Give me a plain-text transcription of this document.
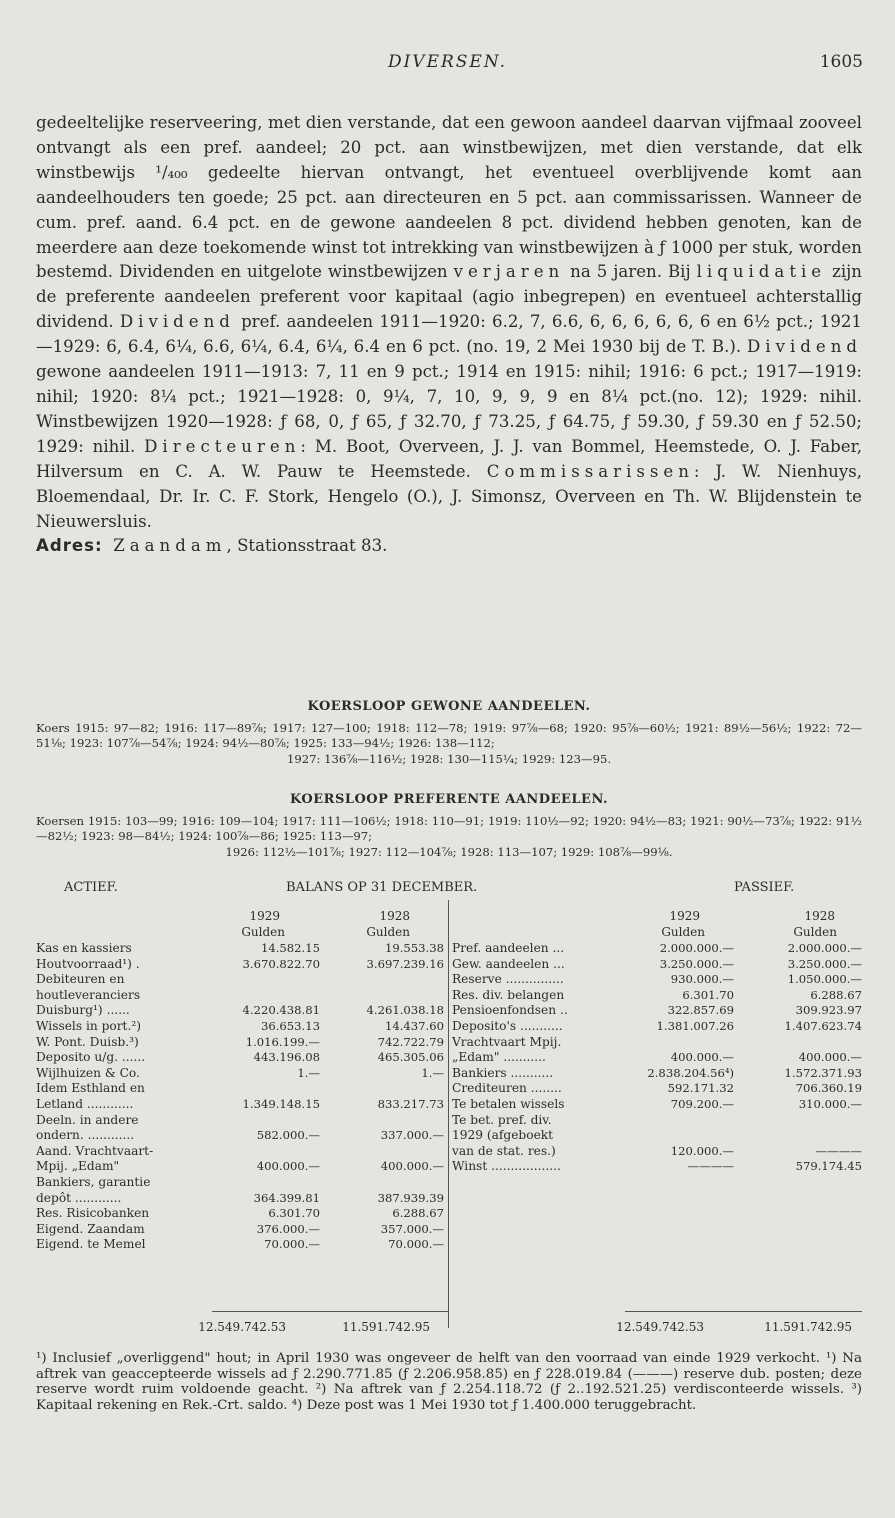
DIVERSEN.	1605
gedeeltelijke reserveering, met dien verstande, dat een gewoon aandeel daarvan vijfmaal zooveel ontvangt als een pref. aandeel; 20 pct. aan winstbewijzen, met dien verstande, dat elk winstbewijs ¹/₄₀₀ gedeelte hiervan ontvangt, het eventueel overblijvende komt aan aandeelhouders ten goede; 25 pct. aan directeuren en 5 pct. aan commissarissen. Wanneer de cum. pref. aand. 6.4 pct. en de gewone aandeelen 8 pct. dividend hebben genoten, kan de meerdere aan deze toekomende winst tot intrekking van winstbewijzen à ƒ 1000 per stuk, worden bestemd. Dividenden en uitgelote winstbewijzen verjaren na 5 jaren. Bij liquidatie zijn de preferente aandeelen preferent voor kapitaal (agio inbegrepen) en eventueel achterstallig dividend. Dividend pref. aandeelen 1911—1920: 6.2, 7, 6.6, 6, 6, 6, 6, 6, 6 en 6½ pct.; 1921—1929: 6, 6.4, 6¼, 6.6, 6¼, 6.4, 6¼, 6.4 en 6 pct. (no. 19, 2 Mei 1930 bij de T. B.). Dividend gewone aandeelen 1911—1913: 7, 11 en 9 pct.; 1914 en 1915: nihil; 1916: 6 pct.; 1917—1919: nihil; 1920: 8¼ pct.; 1921—1928: 0, 9¼, 7, 10, 9, 9, 9 en 8¼ pct.(no. 12); 1929: nihil. Winstbewijzen 1920—1928: ƒ 68, 0, ƒ 65, ƒ 32.70, ƒ 73.25, ƒ 64.75, ƒ 59.30, ƒ 59.30 en ƒ 52.50; 1929: nihil. Directeuren: M. Boot, Overveen, J. J. van Bommel, Heemstede, O. J. Faber, Hilversum en C. A. W. Pauw te Heemstede. Commissarissen: J. W. Nienhuys, Bloemendaal, Dr. Ir. C. F. Stork, Hengelo (O.), J. Simonsz, Overveen en Th. W. Blijdenstein te Nieuwersluis.
Adres: Zaandam, Stationsstraat 83.
KOERSLOOP GEWONE AANDEELEN.
Koers 1915: 97—82; 1916: 117—89⅞; 1917: 127—100; 1918: 112—78; 1919: 97⅞—68; 1920: 95⅞—60½; 1921: 89½—56½; 1922: 72—51⅛; 1923: 107⅞—54⅞; 1924: 94½—80⅞; 1925: 133—94½; 1926: 138—112;
1927: 136⅞—116½; 1928: 130—115¼; 1929: 123—95.
KOERSLOOP PREFERENTE AANDEELEN.
Koersen 1915: 103—99; 1916: 109—104; 1917: 111—106½; 1918: 110—91; 1919: 110½—92; 1920: 94½—83; 1921: 90½—73⅞; 1922: 91½—82½; 1923: 98—84½; 1924: 100⅞—86; 1925: 113—97;
1926: 112½—101⅞; 1927: 112—104⅞; 1928: 113—107; 1929: 108⅞—99⅛.
ACTIEF.	BALANS OP 31 DECEMBER.	PASSIEF.
1929	1928
Gulden	Gulden
1929	1928
Gulden	Gulden
Kas en kassiers	14.582.15	19.553.38
Houtvoorraad¹) .	3.670.822.70	3.697.239.16
Debiteuren en
houtleveranciers
Duisburg¹) ......	4.220.438.81	4.261.038.18
Wissels in port.²)	36.653.13	14.437.60
W. Pont. Duisb.³)	1.016.199.—	742.722.79
Deposito u/g. ......	443.196.08	465.305.06
Wijlhuizen & Co.	1.—	1.—
Idem Esthland en
Letland ............	1.349.148.15	833.217.73
Deeln. in andere
ondern. ............	582.000.—	337.000.—
Aand. Vrachtvaart-
Mpij. „Edam"	400.000.—	400.000.—
Bankiers, garantie
depôt ............	364.399.81	387.939.39
Res. Risicobanken	6.301.70	6.288.67
Eigend. Zaandam	376.000.—	357.000.—
Eigend. te Memel	70.000.—	70.000.—
Pref. aandeelen ...	2.000.000.—	2.000.000.—
Gew. aandeelen ...	3.250.000.—	3.250.000.—
Reserve ...............	930.000.—	1.050.000.—
Res. div. belangen	6.301.70	6.288.67
Pensioenfondsen ..	322.857.69	309.923.97
Deposito's ...........	1.381.007.26	1.407.623.74
Vrachtvaart Mpij.
„Edam" ...........	400.000.—	400.000.—
Bankiers ...........	2.838.204.56⁴)	1.572.371.93
Crediteuren ........	592.171.32	706.360.19
Te betalen wissels	709.200.—	310.000.—
Te bet. pref. div.
1929 (afgeboekt
van de stat. res.)	120.000.—	————
Winst ..................	————	579.174.45
12.549.742.53	11.591.742.95	12.549.742.53	11.591.742.95
¹) Inclusief „overliggend" hout; in April 1930 was ongeveer de helft van den voorraad van einde 1929 verkocht. ¹) Na aftrek van geaccepteerde wissels ad ƒ 2.290.771.85 (ƒ 2.206.958.85) en ƒ 228.019.84 (———) reserve dub. posten; deze reserve wordt ruim voldoende geacht. ²) Na aftrek van ƒ 2.254.118.72 (ƒ 2..192.521.25) verdisconteerde wissels. ³) Kapitaal rekening en Rek.-Crt. saldo. ⁴) Deze post was 1 Mei 1930 tot ƒ 1.400.000 teruggebracht.
